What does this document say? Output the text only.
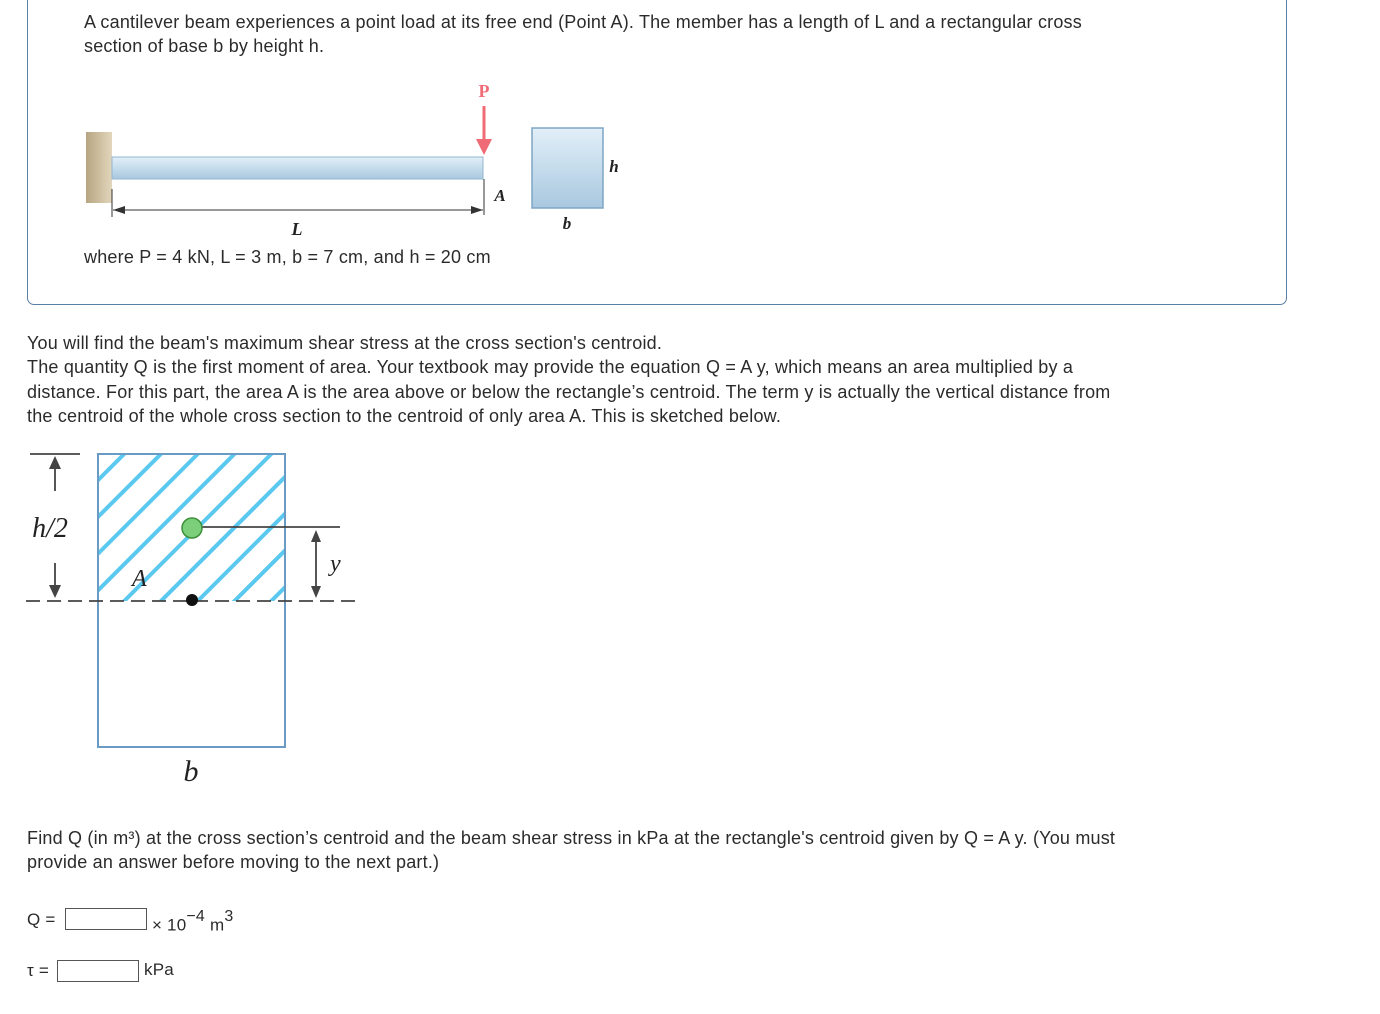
A cantilever beam experiences a point load at its free end (Point A). The member has a length of L and a rectangular cross
section of base b by height h.
P
A
L
h
b
where P = 4 kN, L = 3 m, b = 7 cm, and h = 20 cm
You will find the beam's maximum shear stress at the cross section's centroid.
The quantity Q is the first moment of area. Your textbook may provide the equation Q = A y, which means an area multiplied by a
distance. For this part, the area A is the area above or below the rectangle’s centroid. The term y is actually the vertical distance from
the centroid of the whole cross section to the centroid of only area A. This is sketched below.
h/2
y
A
b
Find Q (in m³) at the cross section’s centroid and the beam shear stress in kPa at the rectangle's centroid given by Q = A y. (You must
provide an answer before moving to the next part.)
Q =	× $10^{-4}$ $m^3$
τ =	kPa
